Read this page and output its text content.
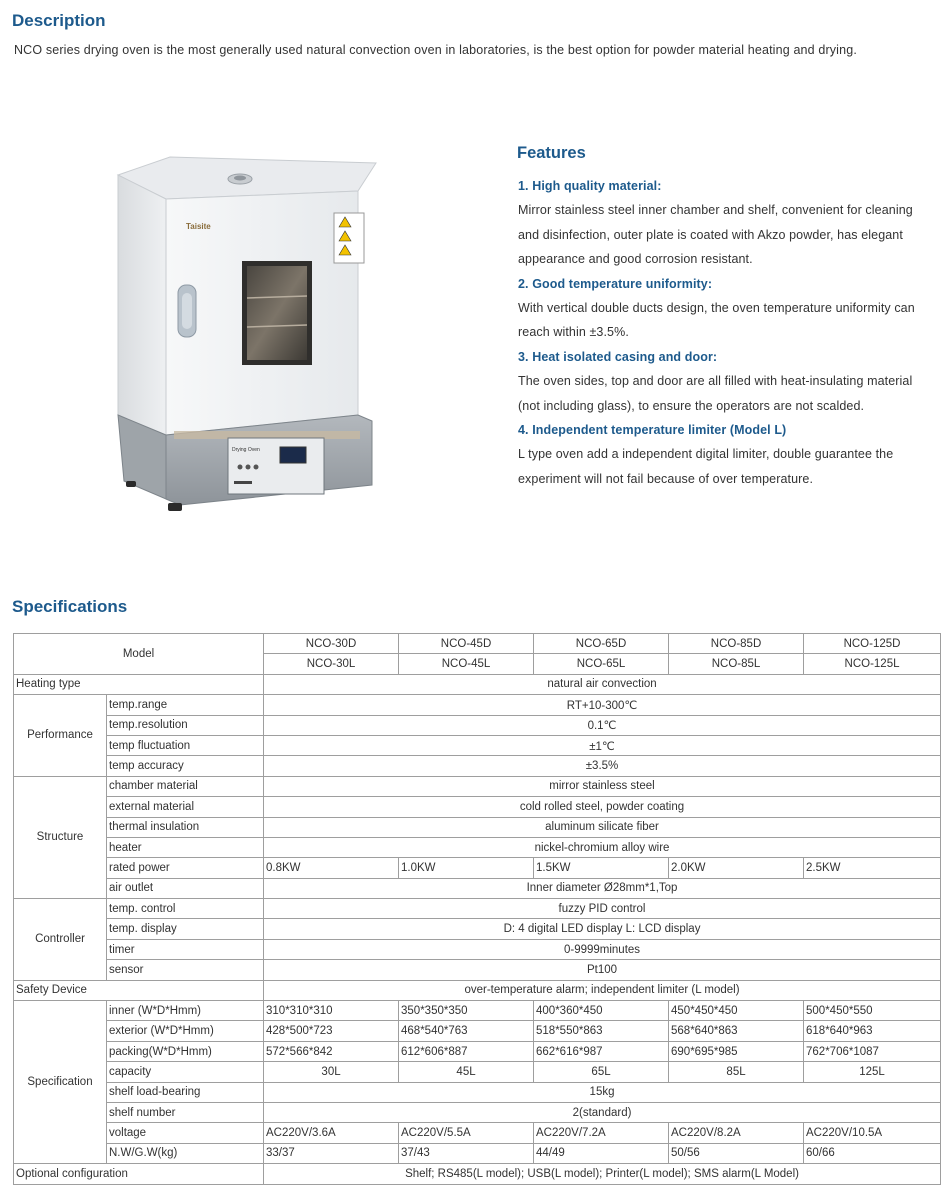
Description
NCO series drying oven is the most generally used natural convection oven in laboratories, is the best option for powder material heating and drying.
Taisite
Drying Oven
Features
1. High quality material:

Mirror stainless steel inner chamber and shelf, convenient for cleaning and disinfection, outer plate is coated with Akzo powder, has elegant appearance and good corrosion resistant.

2. Good temperature uniformity:

With vertical double ducts design, the oven temperature uniformity can reach within ±3.5%.

3. Heat isolated casing and door:

The oven sides, top and door are all filled with heat-insulating material (not including glass), to ensure the operators are not scalded.

4. Independent temperature limiter (Model L)

L type oven add a independent digital limiter, double guarantee the experiment will not fail because of over temperature.

Specifications
Model		NCO-30D	NCO-45D	NCO-65D	NCO-85D	NCO-125D
		NCO-30L	NCO-45L	NCO-65L	NCO-85L	NCO-125L
Heating type		natural air convection				
Performance	temp.range	RT+10-300℃				
	temp.resolution	0.1℃				
	temp fluctuation	±1℃				
	temp accuracy	±3.5%				
Structure	chamber material	mirror stainless steel				
	external material	cold rolled steel, powder coating				
	thermal insulation	aluminum silicate fiber				
	heater	nickel-chromium alloy wire				
	rated power	0.8KW	1.0KW	1.5KW	2.0KW	2.5KW
	air outlet	Inner diameter Ø28mm*1,Top				
Controller	temp. control	fuzzy PID control				
	temp. display	D: 4 digital LED display L: LCD display				
	timer	0-9999minutes				
	sensor	Pt100				
Safety Device		over-temperature alarm; independent limiter (L model)				
Specification	inner (W*D*Hmm)	310*310*310	350*350*350	400*360*450	450*450*450	500*450*550
	exterior (W*D*Hmm)	428*500*723	468*540*763	518*550*863	568*640*863	618*640*963
	packing(W*D*Hmm)	572*566*842	612*606*887	662*616*987	690*695*985	762*706*1087
	capacity	30L	45L	65L	85L	125L
	shelf load-bearing	15kg				
	shelf number	2(standard)				
	voltage	AC220V/3.6A	AC220V/5.5A	AC220V/7.2A	AC220V/8.2A	AC220V/10.5A
	N.W/G.W(kg)	33/37	37/43	44/49	50/56	60/66
Optional configuration		Shelf; RS485(L model); USB(L model); Printer(L model); SMS alarm(L Model)				
